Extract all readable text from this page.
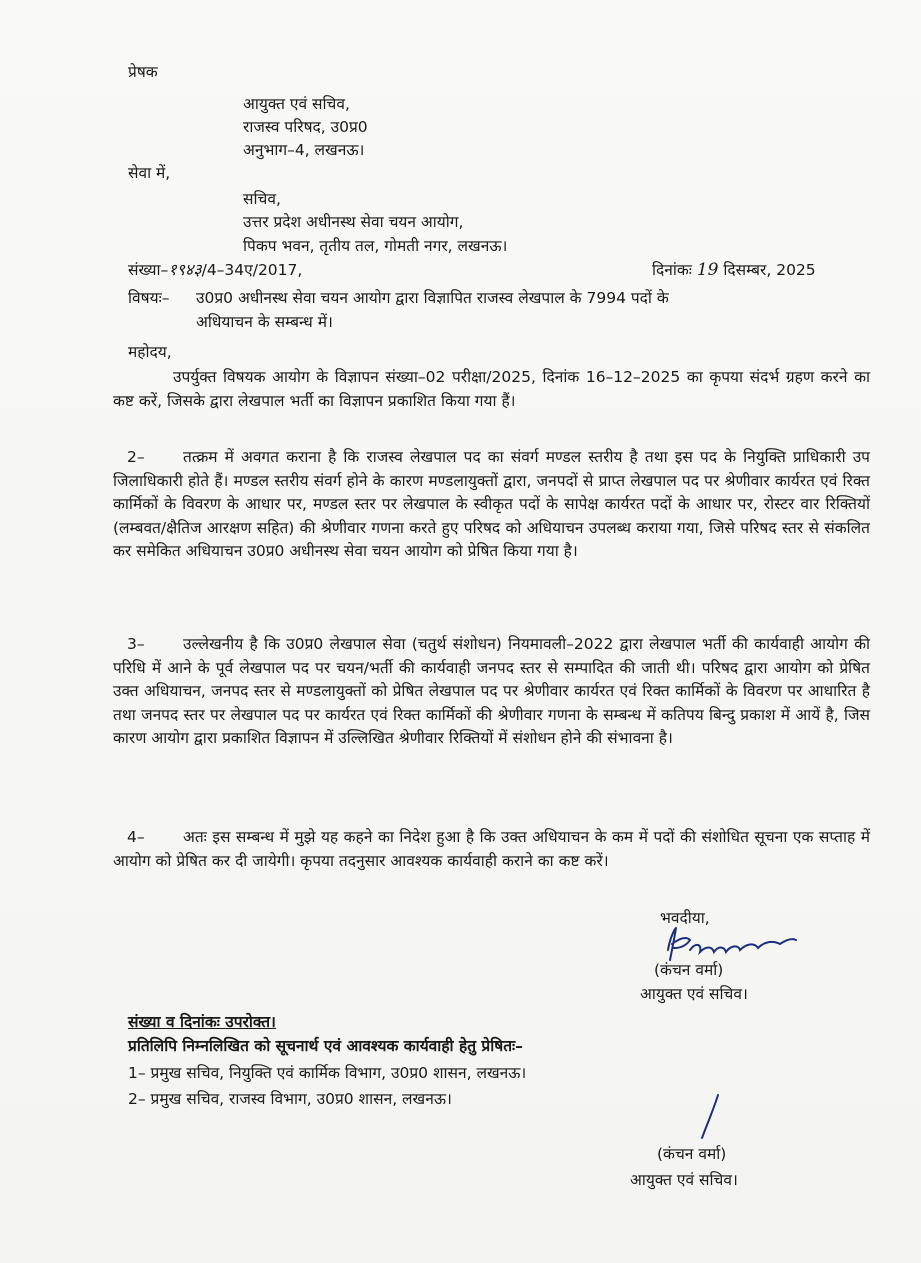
प्रेषक
आयुक्त एवं सचिव,
राजस्व परिषद, उ0प्र0
अनुभाग–4, लखनऊ।
सेवा में,
सचिव,
उत्तर प्रदेश अधीनस्थ सेवा चयन आयोग,
पिकप भवन, तृतीय तल, गोमती नगर, लखनऊ।
संख्या–१९४३/4–34ए/2017,	दिनांकः 19 दिसम्बर, 2025
विषयः– उ0प्र0 अधीनस्थ सेवा चयन आयोग द्वारा विज्ञापित राजस्व लेखपाल के 7994 पदों के
अधियाचन के सम्बन्ध में।
महोदय,
उपर्युक्त विषयक आयोग के विज्ञापन संख्या–02 परीक्षा/2025, दिनांक 16–12–2025 का कृपया संदर्भ ग्रहण करने का कष्ट करें, जिसके द्वारा लेखपाल भर्ती का विज्ञापन प्रकाशित किया गया हैं।
2– तत्क्रम में अवगत कराना है कि राजस्व लेखपाल पद का संवर्ग मण्डल स्तरीय है तथा इस पद के नियुक्ति प्राधिकारी उप जिलाधिकारी होते हैं। मण्डल स्तरीय संवर्ग होने के कारण मण्डलायुक्तों द्वारा, जनपदों से प्राप्त लेखपाल पद पर श्रेणीवार कार्यरत एवं रिक्त कार्मिकों के विवरण के आधार पर, मण्डल स्तर पर लेखपाल के स्वीकृत पदों के सापेक्ष कार्यरत पदों के आधार पर, रोस्टर वार रिक्तियों (लम्बवत/क्षैतिज आरक्षण सहित) की श्रेणीवार गणना करते हुए परिषद को अधियाचन उपलब्ध कराया गया, जिसे परिषद स्तर से संकलित कर समेकित अधियाचन उ0प्र0 अधीनस्थ सेवा चयन आयोग को प्रेषित किया गया है।
3– उल्लेखनीय है कि उ0प्र0 लेखपाल सेवा (चतुर्थ संशोधन) नियमावली–2022 द्वारा लेखपाल भर्ती की कार्यवाही आयोग की परिधि में आने के पूर्व लेखपाल पद पर चयन/भर्ती की कार्यवाही जनपद स्तर से सम्पादित की जाती थी। परिषद द्वारा आयोग को प्रेषित उक्त अधियाचन, जनपद स्तर से मण्डलायुक्तों को प्रेषित लेखपाल पद पर श्रेणीवार कार्यरत एवं रिक्त कार्मिकों के विवरण पर आधारित है तथा जनपद स्तर पर लेखपाल पद पर कार्यरत एवं रिक्त कार्मिकों की श्रेणीवार गणना के सम्बन्ध में कतिपय बिन्दु प्रकाश में आयें है, जिस कारण आयोग द्वारा प्रकाशित विज्ञापन में उल्लिखित श्रेणीवार रिक्तियों में संशोधन होने की संभावना है।
4– अतः इस सम्बन्ध में मुझे यह कहने का निदेश हुआ है कि उक्त अधियाचन के कम में पदों की संशोधित सूचना एक सप्ताह में आयोग को प्रेषित कर दी जायेगी। कृपया तदनुसार आवश्यक कार्यवाही कराने का कष्ट करें।
भवदीया,
(कंचन वर्मा)
आयुक्त एवं सचिव।
संख्या व दिनांकः उपरोक्त।
प्रतिलिपि निम्नलिखित को सूचनार्थ एवं आवश्यक कार्यवाही हेतु प्रेषितः–
1– प्रमुख सचिव, नियुक्ति एवं कार्मिक विभाग, उ0प्र0 शासन, लखनऊ।
2– प्रमुख सचिव, राजस्व विभाग, उ0प्र0 शासन, लखनऊ।
(कंचन वर्मा)
आयुक्त एवं सचिव।
